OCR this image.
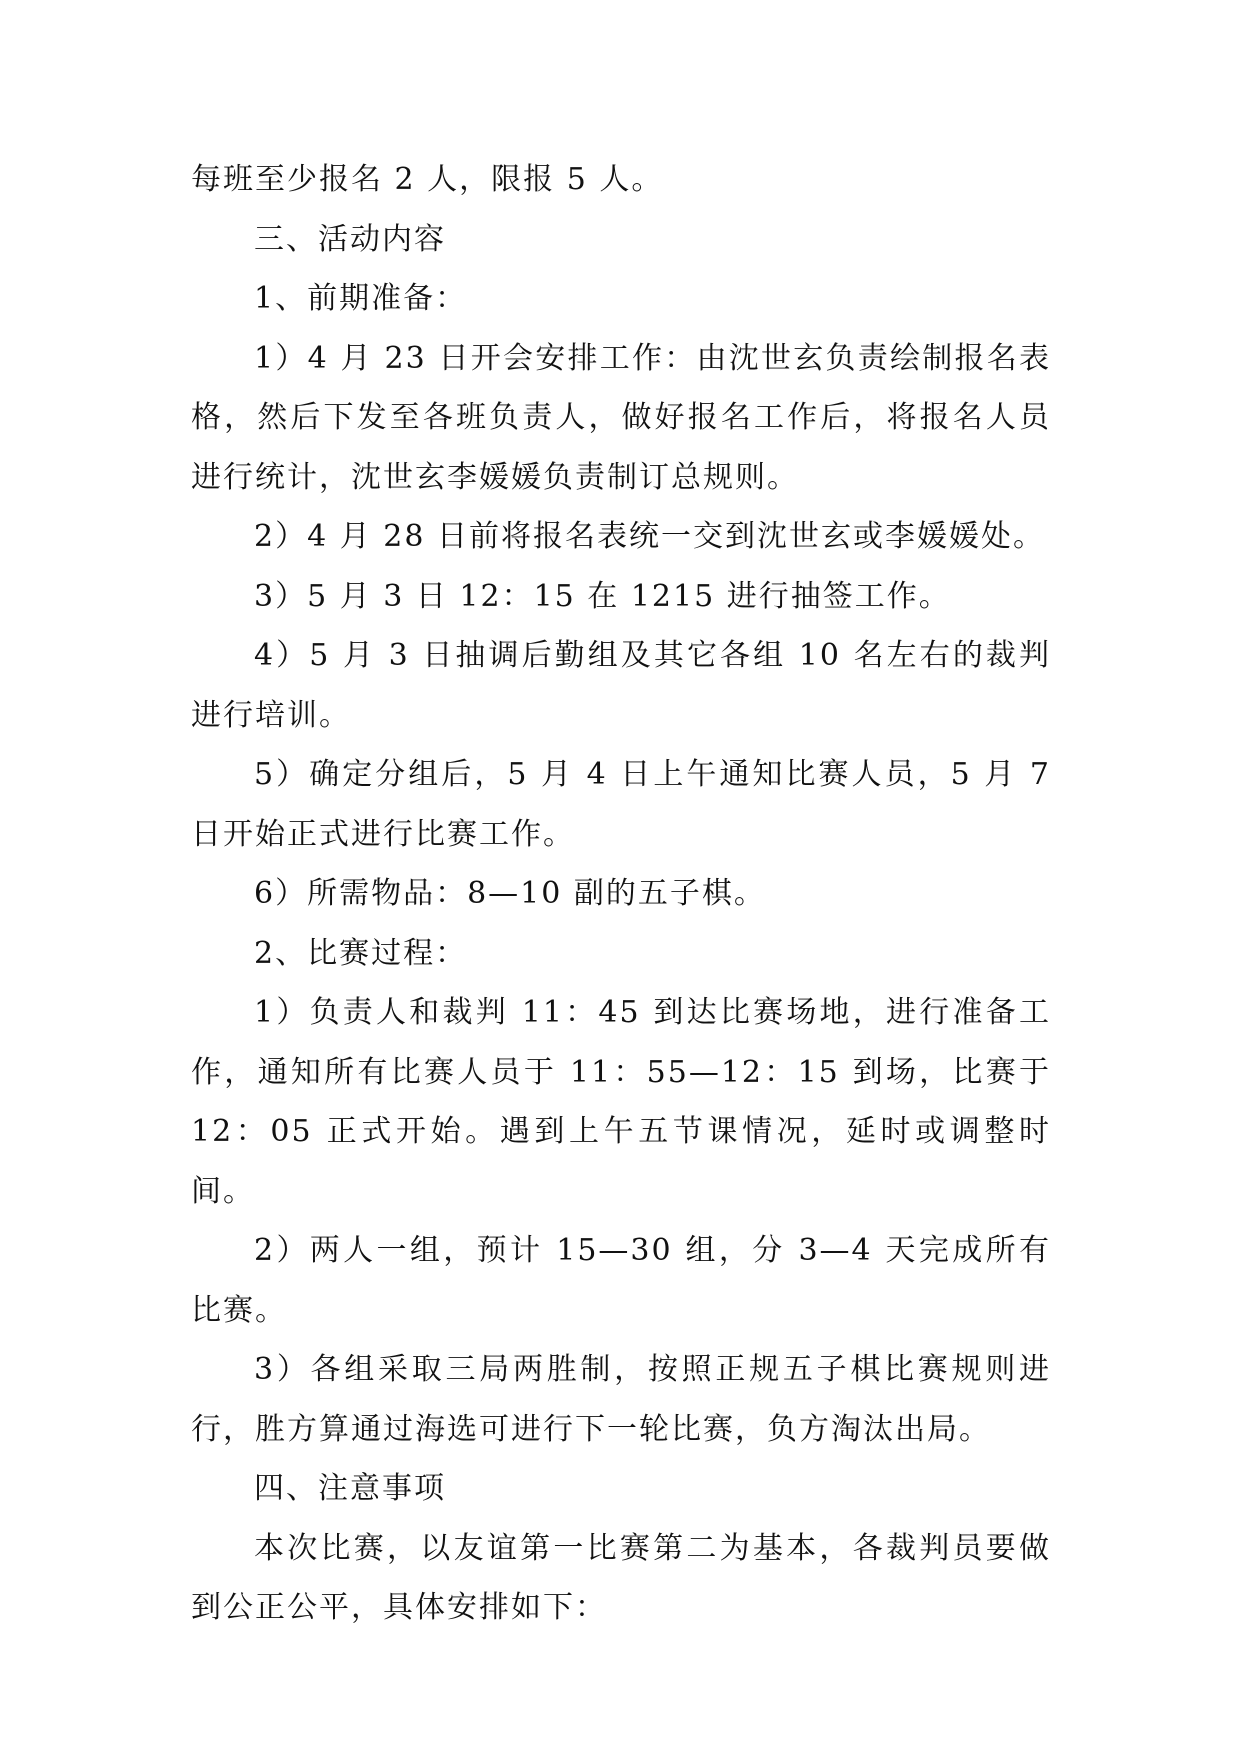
每班至少报名 2 人，限报 5 人。

三、活动内容

1、前期准备：

1）4 月 23 日开会安排工作：由沈世玄负责绘制报名表格，然后下发至各班负责人，做好报名工作后，将报名人员进行统计，沈世玄李媛媛负责制订总规则。

2）4 月 28 日前将报名表统一交到沈世玄或李媛媛处。

3）5 月 3 日 12：15 在 1215 进行抽签工作。

4）5 月 3 日抽调后勤组及其它各组 10 名左右的裁判进行培训。

5）确定分组后，5 月 4 日上午通知比赛人员，5 月 7 日开始正式进行比赛工作。

6）所需物品：8—10 副的五子棋。

2、比赛过程：

1）负责人和裁判 11：45 到达比赛场地，进行准备工作，通知所有比赛人员于 11：55—12：15 到场，比赛于 12：05 正式开始。遇到上午五节课情况，延时或调整时间。

2）两人一组，预计 15—30 组，分 3—4 天完成所有比赛。

3）各组采取三局两胜制，按照正规五子棋比赛规则进行，胜方算通过海选可进行下一轮比赛，负方淘汰出局。

四、注意事项

本次比赛，以友谊第一比赛第二为基本，各裁判员要做到公正公平，具体安排如下：
